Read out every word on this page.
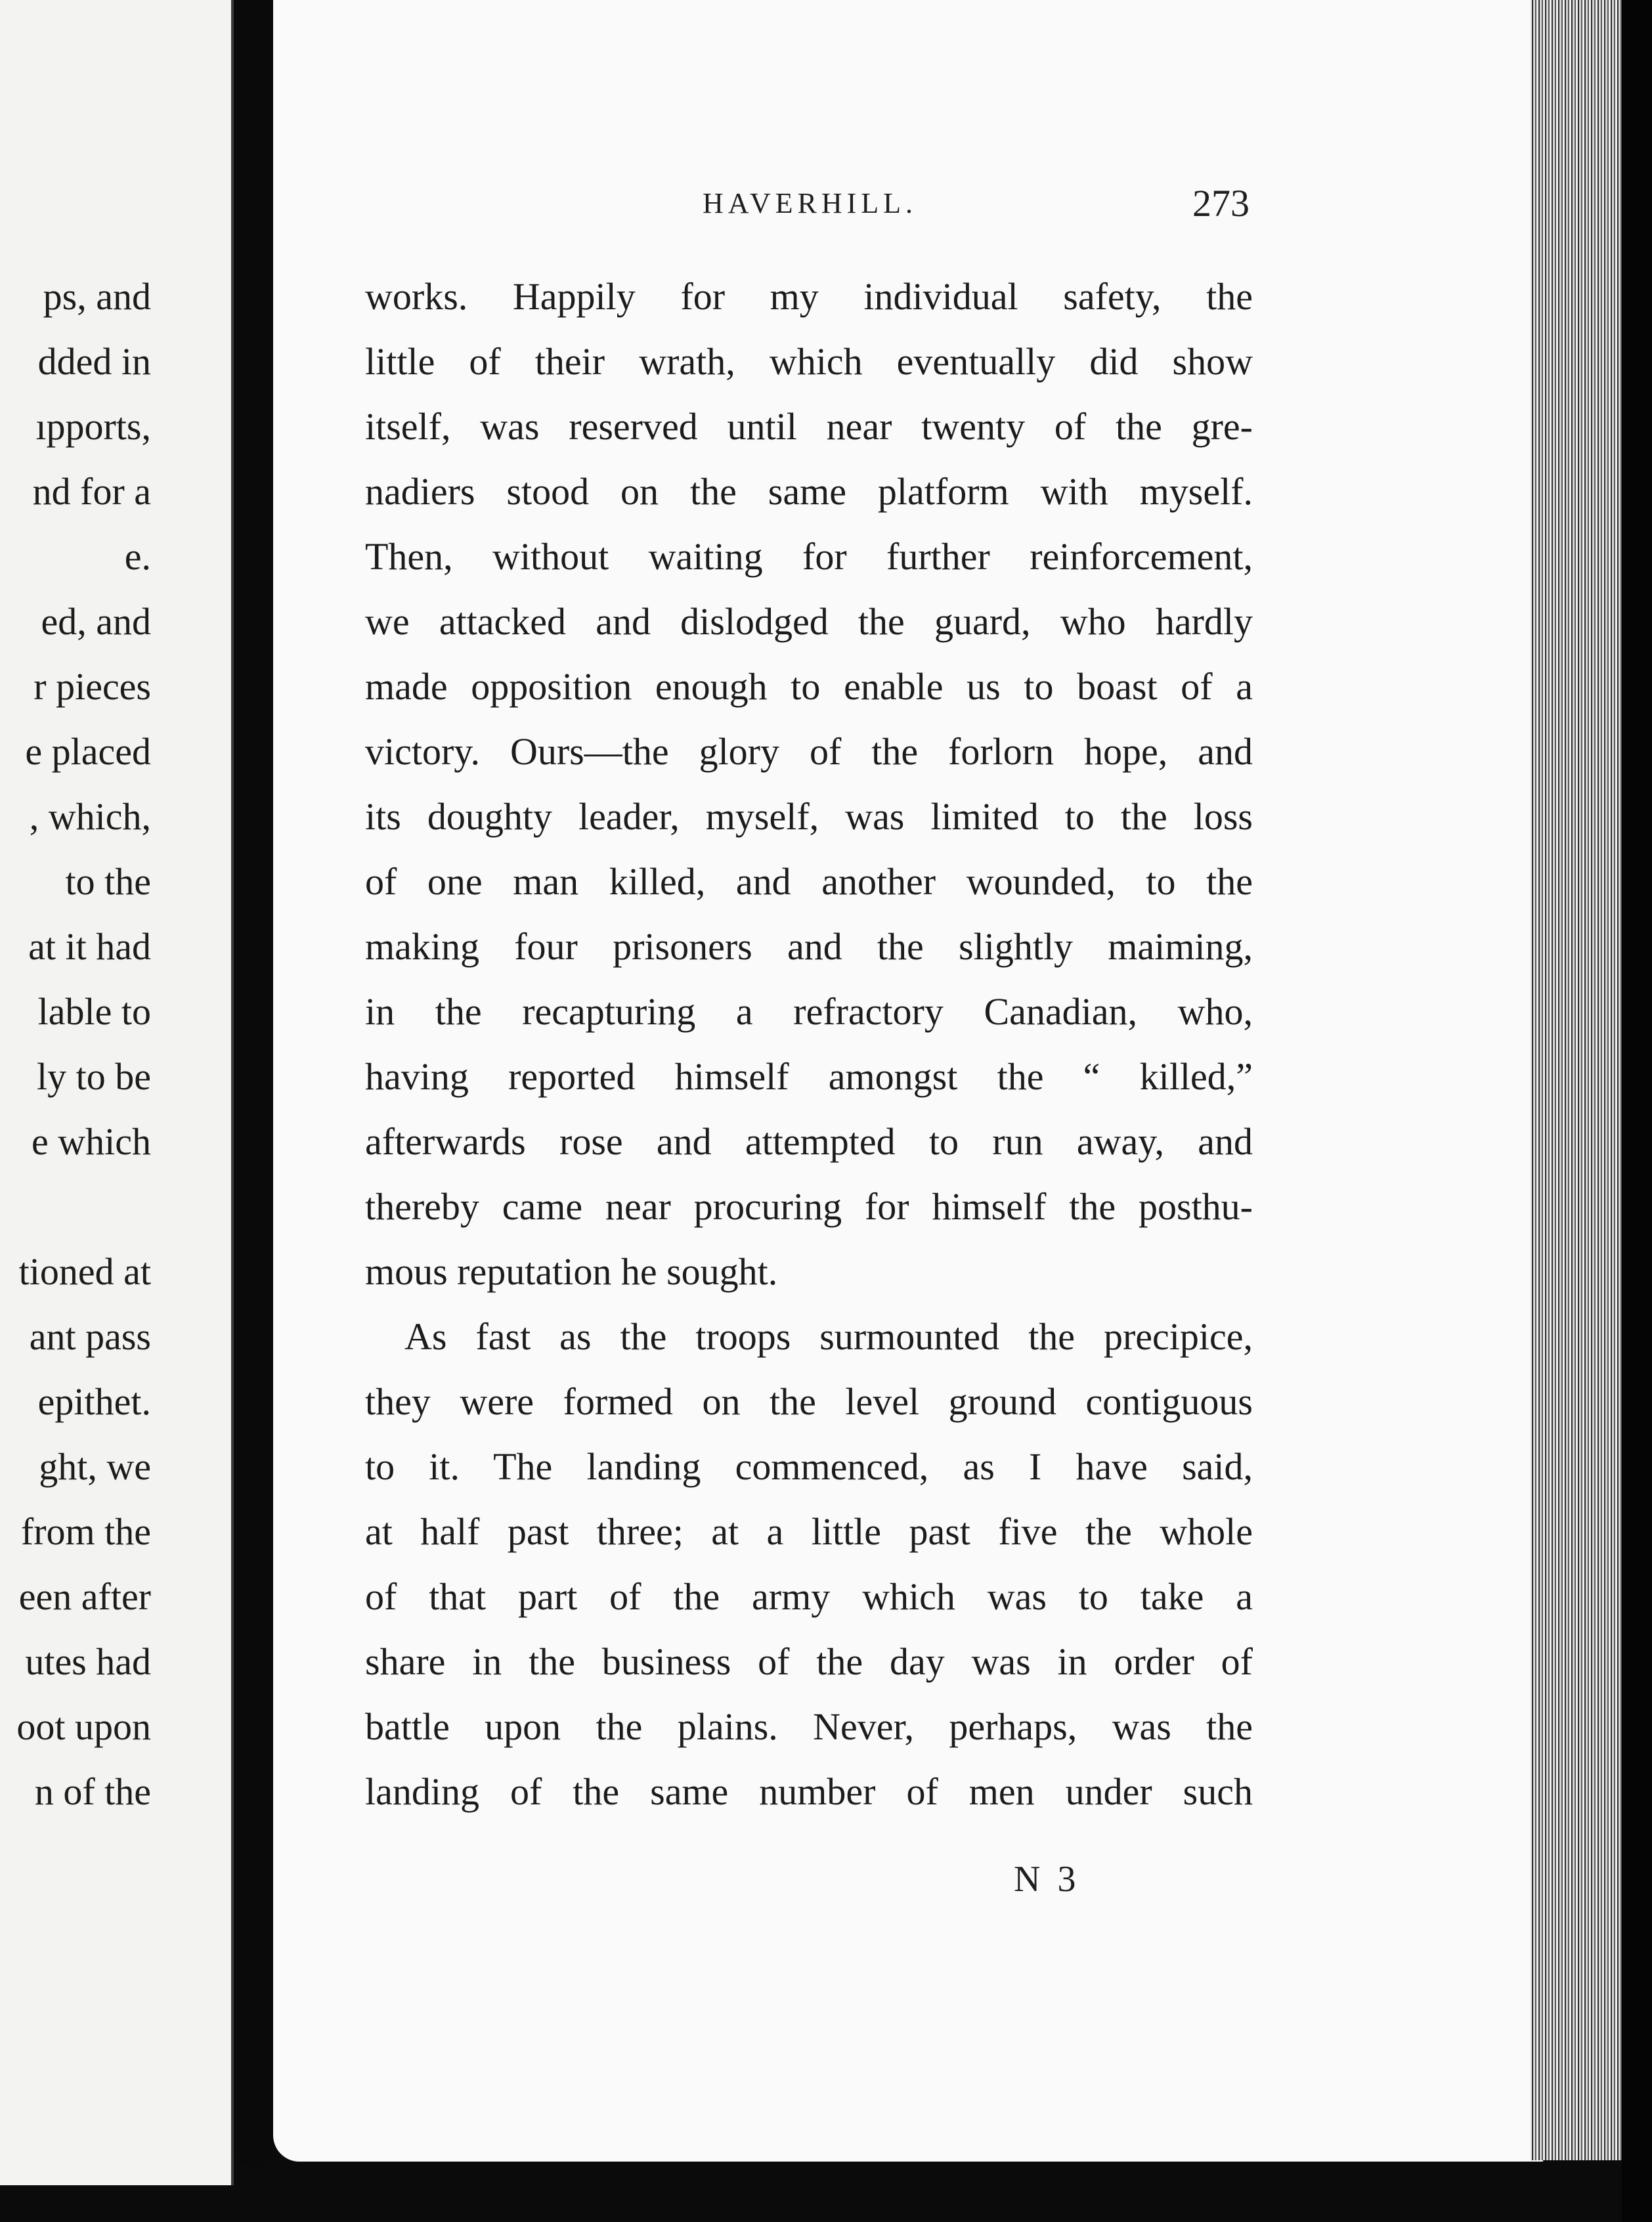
ps, and
dded in
ıpports,
nd for a
e.
ed, and
r pieces
e placed
, which,
to the
at it had
lable to
ly to be
e which
tioned at
ant pass
epithet.
ght, we
from the
een after
utes had
oot upon
n of the
HAVERHILL.	273
works. Happily for my individual safety, the
little of their wrath, which eventually did show
itself, was reserved until near twenty of the gre-
nadiers stood on the same platform with myself.
Then, without waiting for further reinforcement,
we attacked and dislodged the guard, who hardly
made opposition enough to enable us to boast of a
victory. Ours—the glory of the forlorn hope, and
its doughty leader, myself, was limited to the loss
of one man killed, and another wounded, to the
making four prisoners and the slightly maiming,
in the recapturing a refractory Canadian, who,
having reported himself amongst the “ killed,”
afterwards rose and attempted to run away, and
thereby came near procuring for himself the posthu-
mous reputation he sought.
As fast as the troops surmounted the precipice,
they were formed on the level ground contiguous
to it. The landing commenced, as I have said,
at half past three; at a little past five the whole
of that part of the army which was to take a
share in the business of the day was in order of
battle upon the plains. Never, perhaps, was the
landing of the same number of men under such
N 3
